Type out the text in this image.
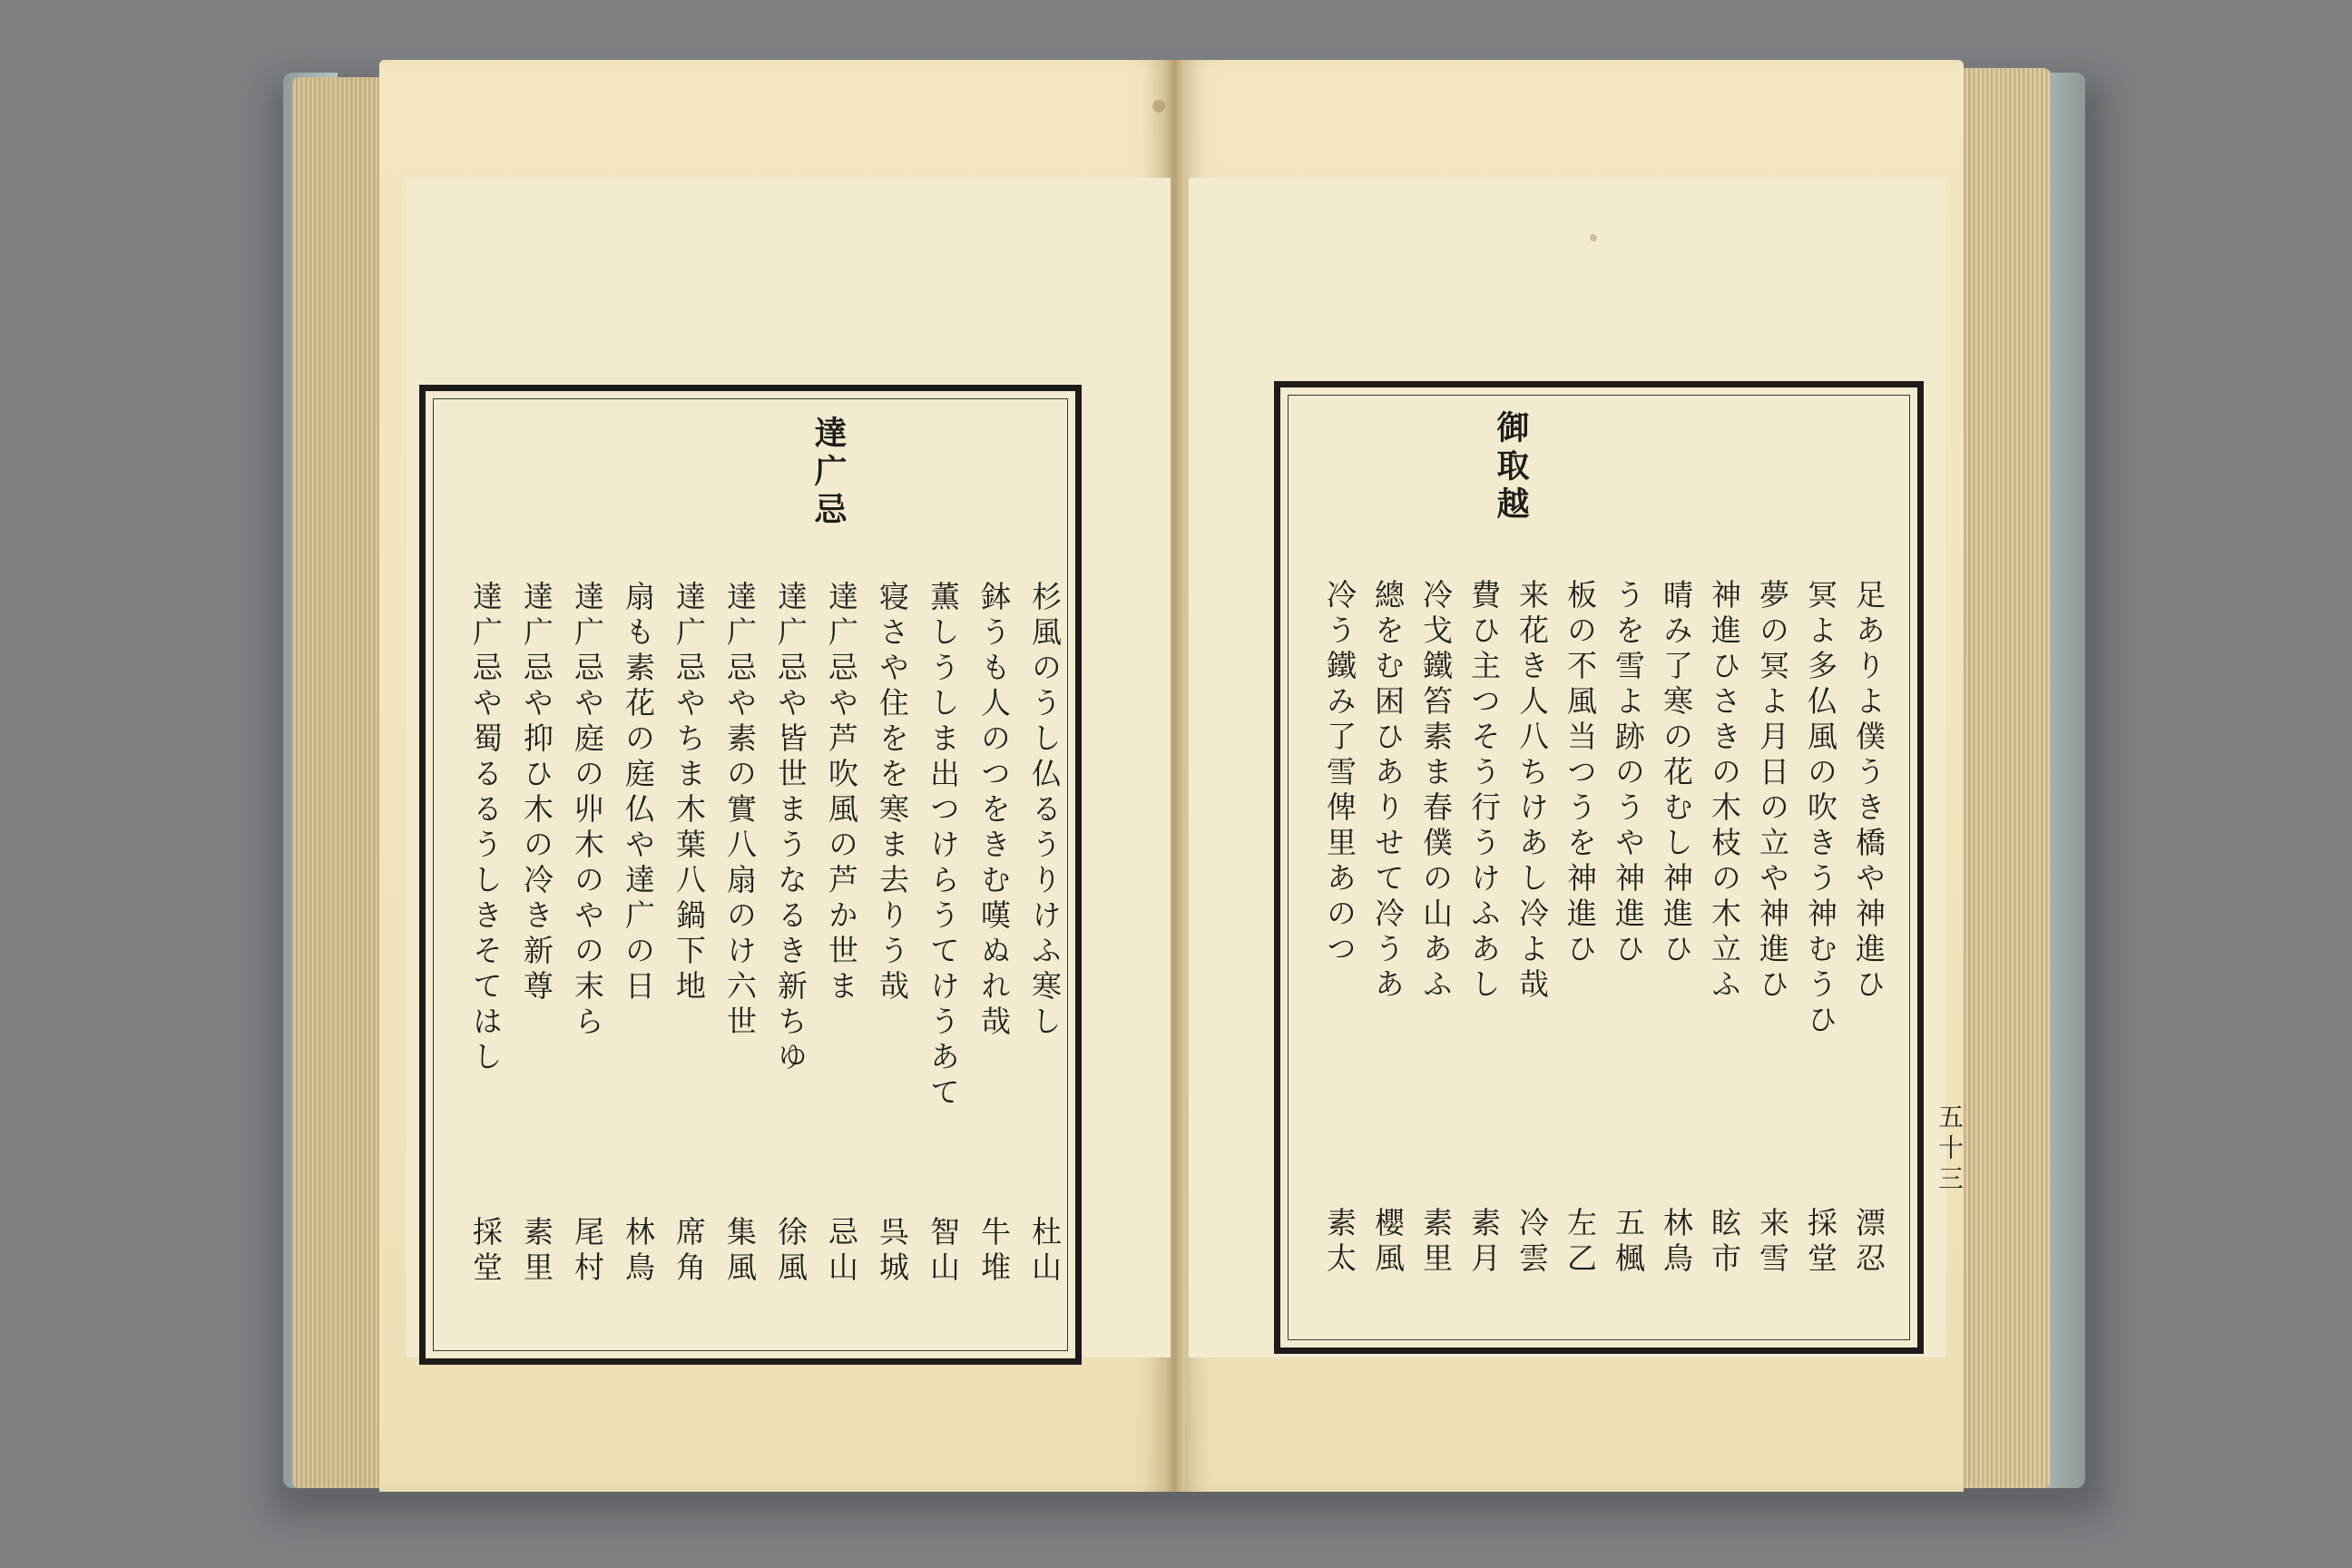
達广忌
杉風のうし仏るうりけふ寒し
鉢うも人のつをきむ嘆ぬれ哉
薫しうしま出つけらうてけうあて
寝さや住をを寒ま去りう哉
達广忌や芦吹風の芦か世ま
達广忌や皆世まうなるき新ちゆ
達广忌や素の實八扇のけ六世
達广忌やちま木葉八鍋下地
扇も素花の庭仏や達广の日
達广忌や庭の丱木のやの末ら
達广忌や抑ひ木の冷き新尊
達广忌や蜀るるうしきそてはし
杜山
牛堆
智山
呉城
忌山
徐風
集風
席角
林鳥
尾村
素里
採堂
御取越
足ありよ僕うき橋や神進ひ
冥よ多仏風の吹きう神むうひ
夢の冥よ月日の立や神進ひ
神進ひさきの木枝の木立ふ
晴み了寒の花むし神進ひ
うを雪よ跡のうや神進ひ
板の不風当つうを神進ひ
来花き人八ちけあし冷よ哉
費ひ主つそう行うけふあし
冷戈鐵笞素ま春僕の山あふ
總をむ困ひありせて冷うあ
冷う鐵み了雪俾里あのつ
漂忍
採堂
来雪
眩市
林鳥
五楓
左乙
冷雲
素月
素里
櫻風
素太
五十三
